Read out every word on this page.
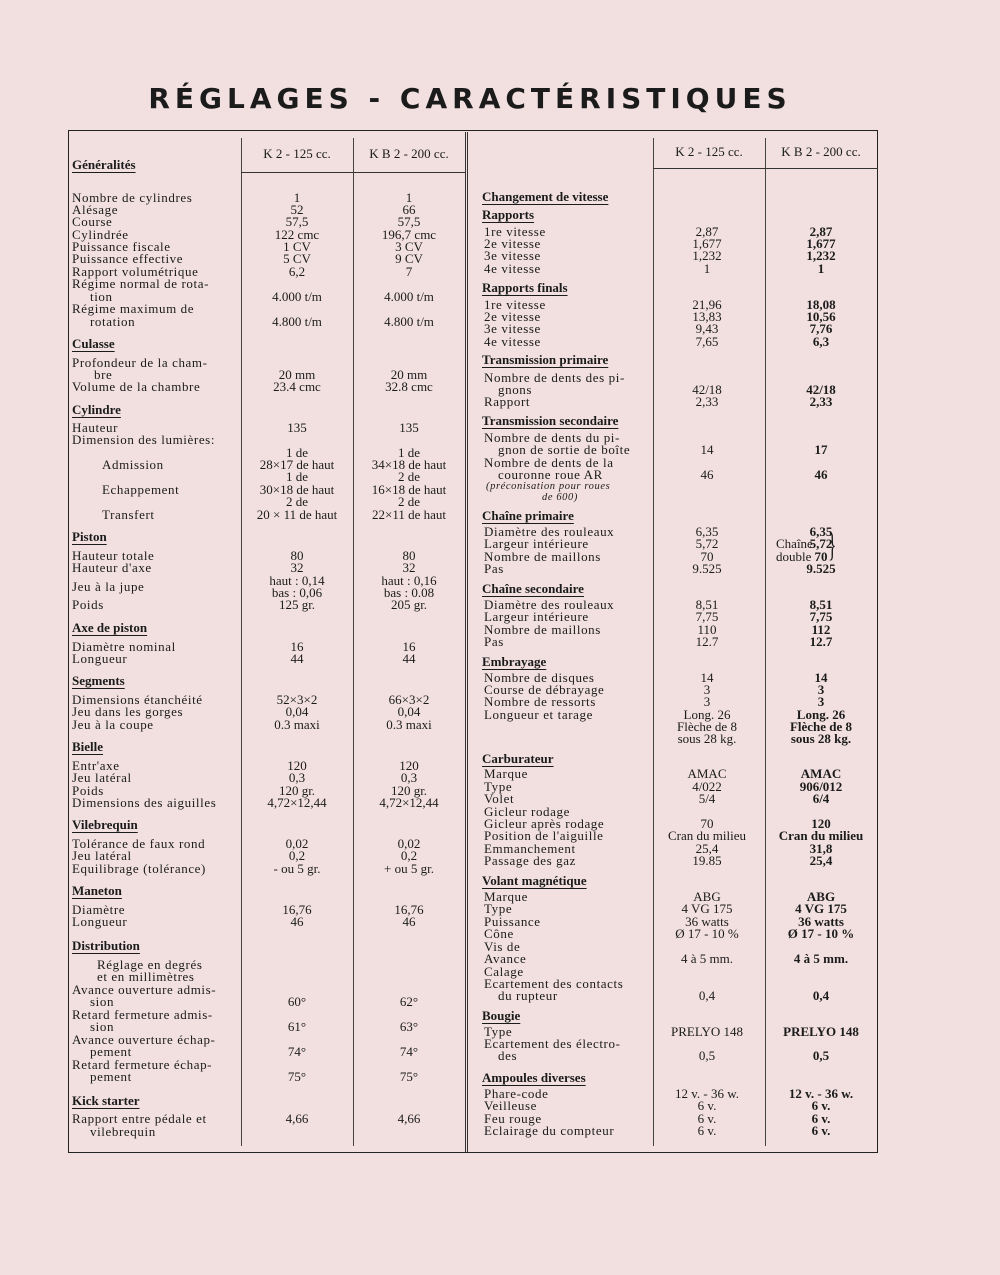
RÉGLAGES - CARACTÉRISTIQUES
K 2 - 125 cc.	K B 2 - 200 cc.	K 2 - 125 cc.	K B 2 - 200 cc.
Généralités
Nombre de cylindres	1	1
Alésage	52	66
Course	57,5	57,5
Cylindrée	122 cmc	196,7 cmc
Puissance fiscale	1 CV	3 CV
Puissance effective	5 CV	9 CV
Rapport volumétrique	6,2	7
Régime normal de rota-
tion	4.000 t/m	4.000 t/m
Régime maximum de
rotation	4.800 t/m	4.800 t/m
Culasse
Profondeur de la cham-
bre	20 mm	20 mm
Volume de la chambre	23.4 cmc	32.8 cmc
Cylindre
Hauteur	135	135
Dimension des lumières:
1 de	1 de
Admission	28×17 de haut	34×18 de haut
1 de	2 de
Echappement	30×18 de haut	16×18 de haut
2 de	2 de
Transfert	20 × 11 de haut	22×11 de haut
Piston
Hauteur totale	80	80
Hauteur d'axe	32	32
haut : 0,14	haut : 0,16
Jeu à la jupe	bas : 0,06	bas : 0.08
Poids	125 gr.	205 gr.
Axe de piston
Diamètre nominal	16	16
Longueur	44	44
Segments
Dimensions étanchéité	52×3×2	66×3×2
Jeu dans les gorges	0,04	0,04
Jeu à la coupe	0.3 maxi	0.3 maxi
Bielle
Entr'axe	120	120
Jeu latéral	0,3	0,3
Poids	120 gr.	120 gr.
Dimensions des aiguilles	4,72×12,44	4,72×12,44
Vilebrequin
Tolérance de faux rond	0,02	0,02
Jeu latéral	0,2	0,2
Equilibrage (tolérance)	- ou 5 gr.	+ ou 5 gr.
Maneton
Diamètre	16,76	16,76
Longueur	46	46
Distribution
Réglage en degrés
et en millimètres
Avance ouverture admis-
sion	60°	62°
Retard fermeture admis-
sion	61°	63°
Avance ouverture échap-
pement	74°	74°
Retard fermeture échap-
pement	75°	75°
Kick starter
Rapport entre pédale et	4,66	4,66
vilebrequin
Changement de vitesse
Rapports
1re vitesse	2,87	2,87
2e vitesse	1,677	1,677
3e vitesse	1,232	1,232
4e vitesse	1	1
Rapports finals
1re vitesse	21,96	18,08
2e vitesse	13,83	10,56
3e vitesse	9,43	7,76
4e vitesse	7,65	6,3
Transmission primaire
Nombre de dents des pi-
gnons	42/18	42/18
Rapport	2,33	2,33
Transmission secondaire
Nombre de dents du pi-
gnon de sortie de boîte	14	17
Nombre de dents de la
couronne roue AR	46	46
(préconisation pour roues
de 600)
Chaîne primaire
Diamètre des rouleaux	6,35	6,35
Largeur intérieure	5,72	5,72
Nombre de maillons	70	70
Pas	9.525	9.525
Chaîne secondaire
Diamètre des rouleaux	8,51	8,51
Largeur intérieure	7,75	7,75
Nombre de maillons	110	112
Pas	12.7	12.7
Embrayage
Nombre de disques	14	14
Course de débrayage	3	3
Nombre de ressorts	3	3
Longueur et tarage	Long. 26	Long. 26
Flèche de 8	Flèche de 8
sous 28 kg.	sous 28 kg.
Carburateur
Marque	AMAC	AMAC
Type	4/022	906/012
Volet	5/4	6/4
Gicleur rodage
Gicleur après rodage	70	120
Position de l'aiguille	Cran du milieu	Cran du milieu
Emmanchement	25,4	31,8
Passage des gaz	19.85	25,4
Volant magnétique
Marque	ABG	ABG
Type	4 VG 175	4 VG 175
Puissance	36 watts	36 watts
Cône	Ø 17 - 10 %	Ø 17 - 10 %
Vis de
Avance	4 à 5 mm.	4 à 5 mm.
Calage
Ecartement des contacts
du rupteur	0,4	0,4
Bougie
Type	PRELYO 148	PRELYO 148
Ecartement des électro-
des	0,5	0,5
Ampoules diverses
Phare-code	12 v. - 36 w.	12 v. - 36 w.
Veilleuse	6 v.	6 v.
Feu rouge	6 v.	6 v.
Eclairage du compteur	6 v.	6 v.
Chaîne
double }
